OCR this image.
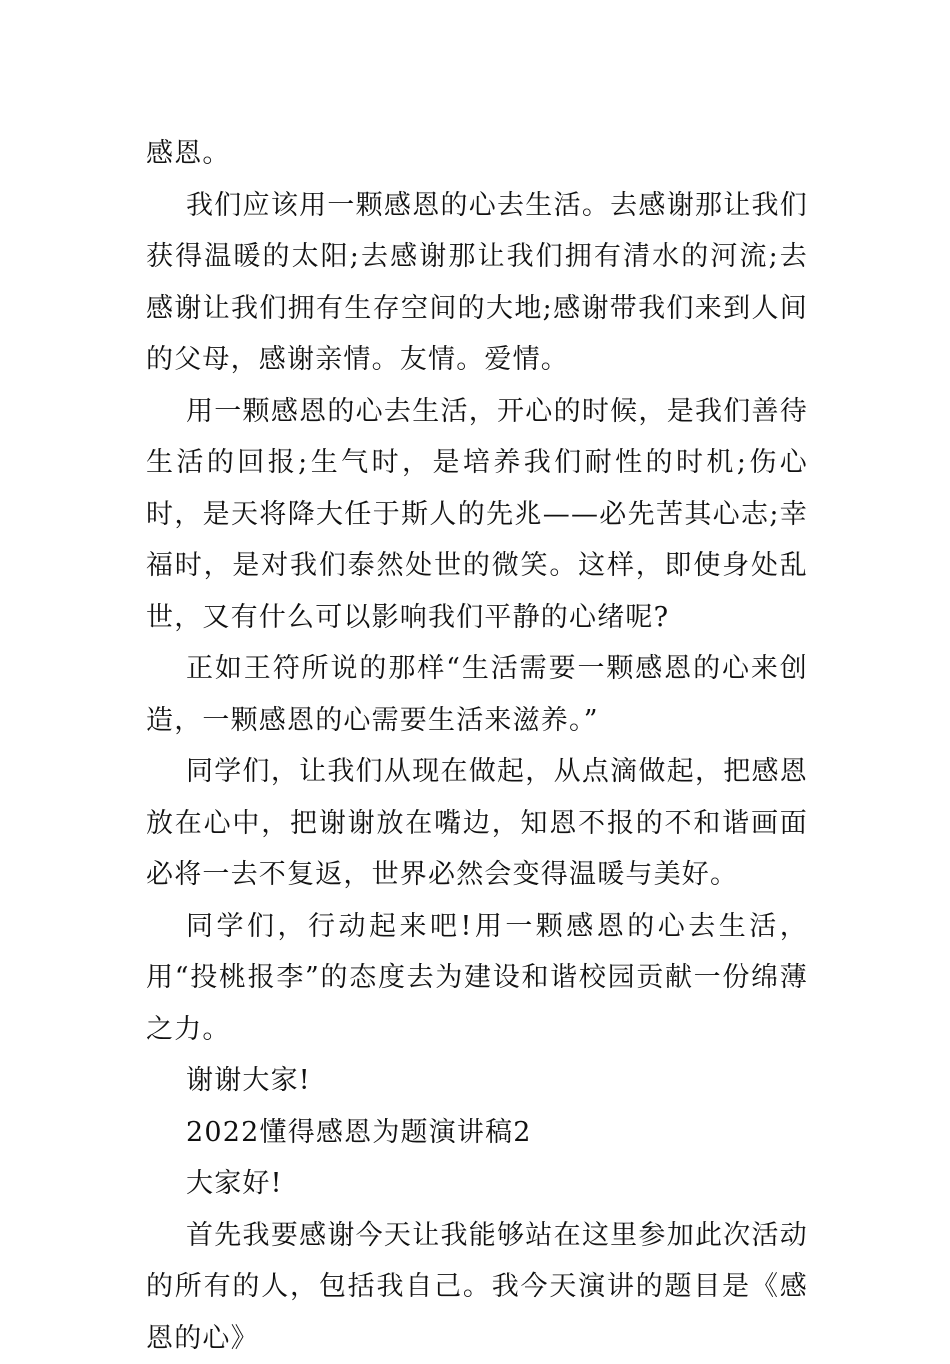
感恩。

我们应该用一颗感恩的心去生活。去感谢那让我们获得温暖的太阳;去感谢那让我们拥有清水的河流;去感谢让我们拥有生存空间的大地;感谢带我们来到人间的父母，感谢亲情。友情。爱情。

用一颗感恩的心去生活，开心的时候，是我们善待生活的回报;生气时，是培养我们耐性的时机;伤心时，是天将降大任于斯人的先兆——必先苦其心志;幸福时，是对我们泰然处世的微笑。这样，即使身处乱世，又有什么可以影响我们平静的心绪呢?

正如王符所说的那样“生活需要一颗感恩的心来创造，一颗感恩的心需要生活来滋养。”

同学们，让我们从现在做起，从点滴做起，把感恩放在心中，把谢谢放在嘴边，知恩不报的不和谐画面必将一去不复返，世界必然会变得温暖与美好。

同学们，行动起来吧!用一颗感恩的心去生活，用“投桃报李”的态度去为建设和谐校园贡献一份绵薄之力。

谢谢大家!

2022懂得感恩为题演讲稿2

大家好!

首先我要感谢今天让我能够站在这里参加此次活动的所有的人，包括我自己。我今天演讲的题目是《感恩的心》
